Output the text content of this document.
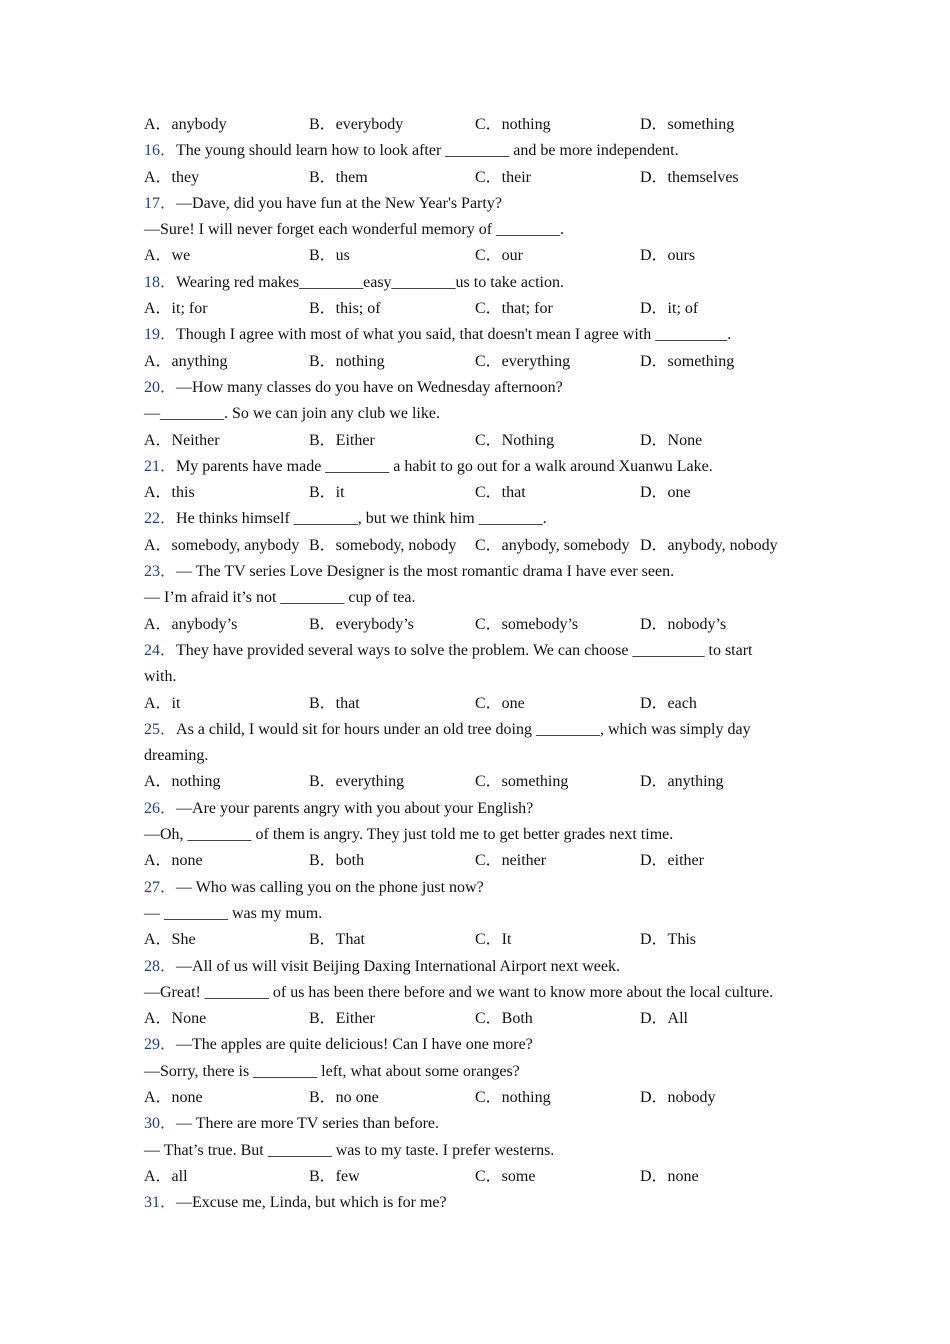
A．anybody	B．everybody	C．nothing	D．something
16．The young should learn how to look after ________ and be more independent.
A．they	B．them	C．their	D．themselves
17．—Dave, did you have fun at the New Year's Party?
—Sure! I will never forget each wonderful memory of ________.
A．we	B．us	C．our	D．ours
18．Wearing red makes________easy________us to take action.
A．it; for	B．this; of	C．that; for	D．it; of
19．Though I agree with most of what you said, that doesn't mean I agree with _________.
A．anything	B．nothing	C．everything	D．something
20．—How many classes do you have on Wednesday afternoon?
—________. So we can join any club we like.
A．Neither	B．Either	C．Nothing	D．None
21．My parents have made ________ a habit to go out for a walk around Xuanwu Lake.
A．this	B．it	C．that	D．one
22．He thinks himself ________, but we think him ________.
A．somebody, anybody B．somebody, nobody C．anybody, somebody D．anybody, nobody
23．— The TV series Love Designer is the most romantic drama I have ever seen.
— I’m afraid it’s not ________ cup of tea.
A．anybody’s	B．everybody’s	C．somebody’s	D．nobody’s
24．They have provided several ways to solve the problem. We can choose _________ to start
with.
A．it	B．that	C．one	D．each
25．As a child, I would sit for hours under an old tree doing ________, which was simply day
dreaming.
A．nothing	B．everything	C．something	D．anything
26．—Are your parents angry with you about your English?
—Oh, ________ of them is angry. They just told me to get better grades next time.
A．none	B．both	C．neither	D．either
27．— Who was calling you on the phone just now?
— ________ was my mum.
A．She	B．That	C．It	D．This
28．—All of us will visit Beijing Daxing International Airport next week.
—Great! ________ of us has been there before and we want to know more about the local culture.
A．None	B．Either	C．Both	D．All
29．—The apples are quite delicious! Can I have one more?
—Sorry, there is ________ left, what about some oranges?
A．none	B．no one	C．nothing	D．nobody
30．— There are more TV series than before.
— That’s true. But ________ was to my taste. I prefer westerns.
A．all	B．few	C．some	D．none
31．—Excuse me, Linda, but which is for me?
